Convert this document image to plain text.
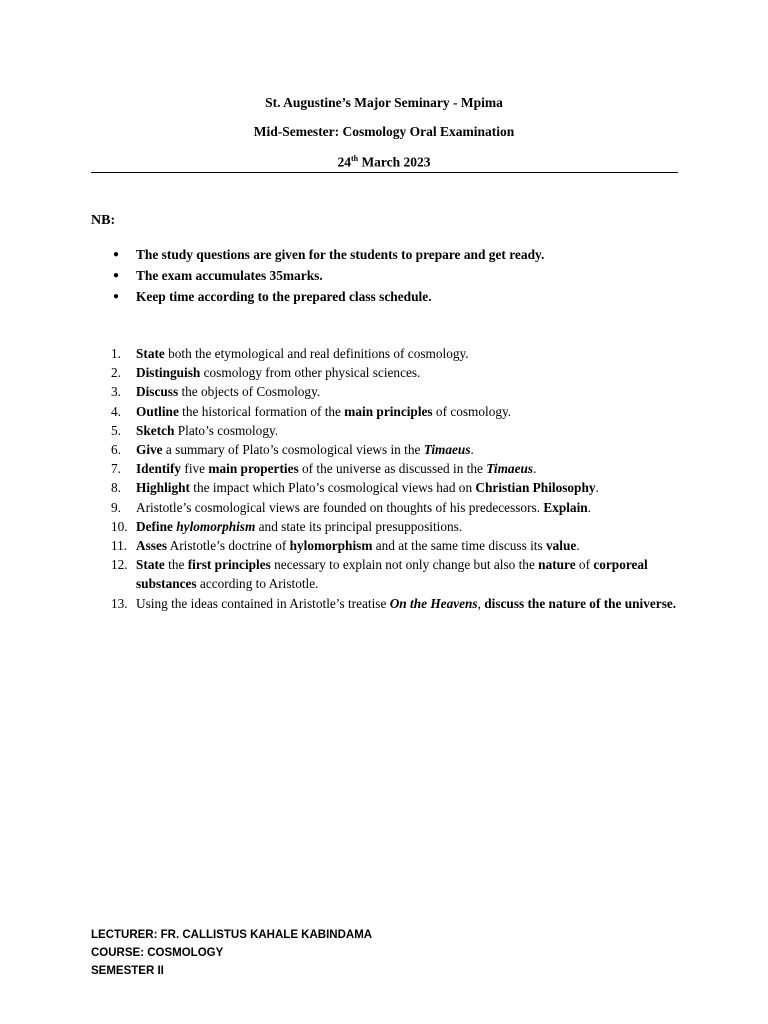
St. Augustine’s Major Seminary - Mpima
Mid-Semester: Cosmology Oral Examination
24th March 2023
NB:
● The study questions are given for the students to prepare and get ready.
● The exam accumulates 35marks.
● Keep time according to the prepared class schedule.
1. State both the etymological and real definitions of cosmology.
2. Distinguish cosmology from other physical sciences.
3. Discuss the objects of Cosmology.
4. Outline the historical formation of the main principles of cosmology.
5. Sketch Plato’s cosmology.
6. Give a summary of Plato’s cosmological views in the Timaeus.
7. Identify five main properties of the universe as discussed in the Timaeus.
8. Highlight the impact which Plato’s cosmological views had on Christian Philosophy.
9. Aristotle’s cosmological views are founded on thoughts of his predecessors. Explain.
10. Define hylomorphism and state its principal presuppositions.
11. Asses Aristotle’s doctrine of hylomorphism and at the same time discuss its value.
12. State the first principles necessary to explain not only change but also the nature of corporeal substances according to Aristotle.
13. Using the ideas contained in Aristotle’s treatise On the Heavens, discuss the nature of the universe.
LECTURER: FR. CALLISTUS KAHALE KABINDAMA
COURSE: COSMOLOGY
SEMESTER II
